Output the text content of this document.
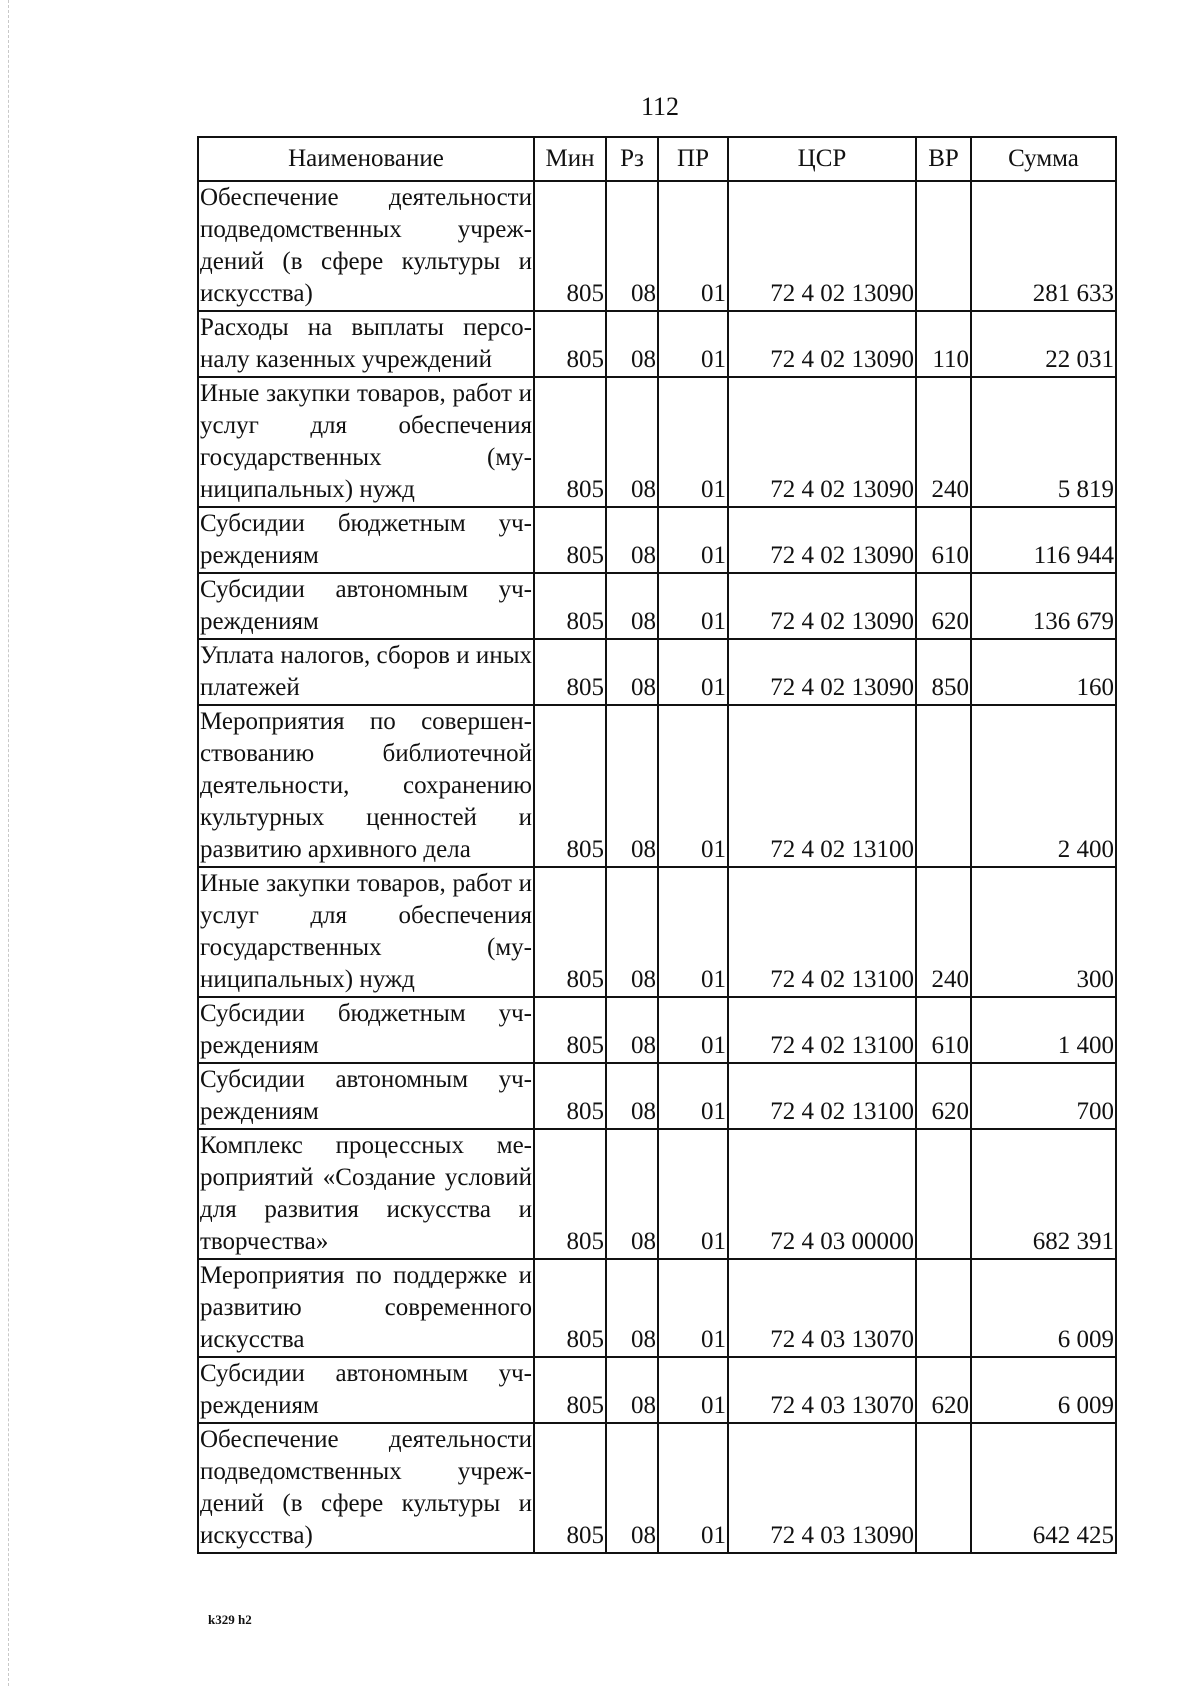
112
Наименование	Мин	Рз	ПР	ЦСР	ВР	Сумма
Обеспечение деятельности подведомственных учреждений (в сфере культуры и искусства)	805	08	01	72 4 02 13090		281 633
Расходы на выплаты персоналу казенных учреждений	805	08	01	72 4 02 13090	110	22 031
Иные закупки товаров, работ и услуг для обеспечения государственных (муниципальных) нужд	805	08	01	72 4 02 13090	240	5 819
Субсидии бюджетным учреждениям	805	08	01	72 4 02 13090	610	116 944
Субсидии автономным учреждениям	805	08	01	72 4 02 13090	620	136 679
Уплата налогов, сборов и иных платежей	805	08	01	72 4 02 13090	850	160
Мероприятия по совершенствованию библиотечной деятельности, сохранению культурных ценностей и развитию архивного дела	805	08	01	72 4 02 13100		2 400
Иные закупки товаров, работ и услуг для обеспечения государственных (муниципальных) нужд	805	08	01	72 4 02 13100	240	300
Субсидии бюджетным учреждениям	805	08	01	72 4 02 13100	610	1 400
Субсидии автономным учреждениям	805	08	01	72 4 02 13100	620	700
Комплекс процессных мероприятий «Создание условий для развития искусства и творчества»	805	08	01	72 4 03 00000		682 391
Мероприятия по поддержке и развитию современного искусства	805	08	01	72 4 03 13070		6 009
Субсидии автономным учреждениям	805	08	01	72 4 03 13070	620	6 009
Обеспечение деятельности подведомственных учреждений (в сфере культуры и искусства)	805	08	01	72 4 03 13090		642 425
k329 h2
